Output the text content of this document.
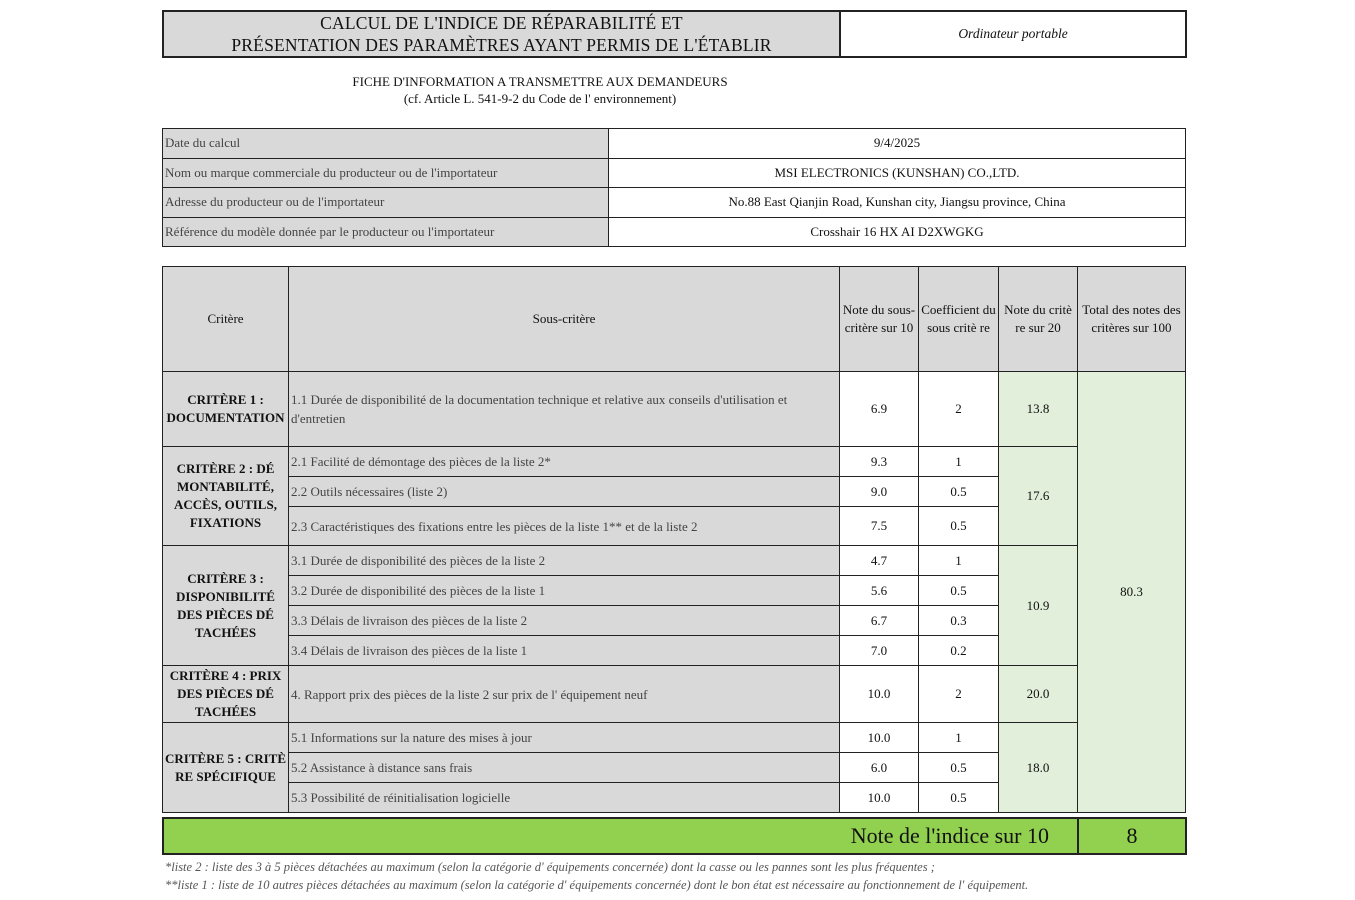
CALCUL DE L'INDICE DE RÉPARABILITÉ ET
PRÉSENTATION DES PARAMÈTRES AYANT PERMIS DE L'ÉTABLIR
	Ordinateur portable
FICHE D'INFORMATION A TRANSMETTRE AUX DEMANDEURS
(cf. Article L. 541-9-2 du Code de l' environnement)
Date du calcul	9/4/2025
Nom ou marque commerciale du producteur ou de l'importateur	MSI ELECTRONICS (KUNSHAN) CO.,LTD.
Adresse du producteur ou de l'importateur	No.88 East Qianjin Road, Kunshan city, Jiangsu province, China
Référence du modèle donnée par le producteur ou l'importateur	Crosshair 16 HX AI D2XWGKG
Critère	Sous-critère	Note du sous-critère sur 10	Coefficient du sous critè re	Note du critè re sur 20	Total des notes des critères sur 100
CRITÈRE 1 : DOCUMENTATION	1.1 Durée de disponibilité de la documentation technique et relative aux conseils d'utilisation et d'entretien	6.9	2	13.8	80.3
CRITÈRE 2 : DÉ MONTABILITÉ, ACCÈS, OUTILS, FIXATIONS	2.1 Facilité de démontage des pièces de la liste 2*	9.3	1	17.6	
	2.2 Outils nécessaires (liste 2)	9.0	0.5		
	2.3 Caractéristiques des fixations entre les pièces de la liste 1** et de la liste 2	7.5	0.5		
CRITÈRE 3 : DISPONIBILITÉ DES PIÈCES DÉ TACHÉES	3.1 Durée de disponibilité des pièces de la liste 2	4.7	1	10.9	
	3.2 Durée de disponibilité des pièces de la liste 1	5.6	0.5		
	3.3 Délais de livraison des pièces de la liste 2	6.7	0.3		
	3.4 Délais de livraison des pièces de la liste 1	7.0	0.2		
CRITÈRE 4 : PRIX DES PIÈCES DÉ TACHÉES	4. Rapport prix des pièces de la liste 2 sur prix de l' équipement neuf	10.0	2	20.0	
CRITÈRE 5 : CRITÈ RE SPÉCIFIQUE	5.1 Informations sur la nature des mises à jour	10.0	1	18.0	
	5.2 Assistance à distance sans frais	6.0	0.5		
	5.3 Possibilité de réinitialisation logicielle	10.0	0.5		
Note de l'indice sur 10	8
*liste 2 : liste des 3 à 5 pièces détachées au maximum (selon la catégorie d' équipements concernée) dont la casse ou les pannes sont les plus fréquentes ;
**liste 1 : liste de 10 autres pièces détachées au maximum (selon la catégorie d' équipements concernée) dont le bon état est nécessaire au fonctionnement de l' équipement.
